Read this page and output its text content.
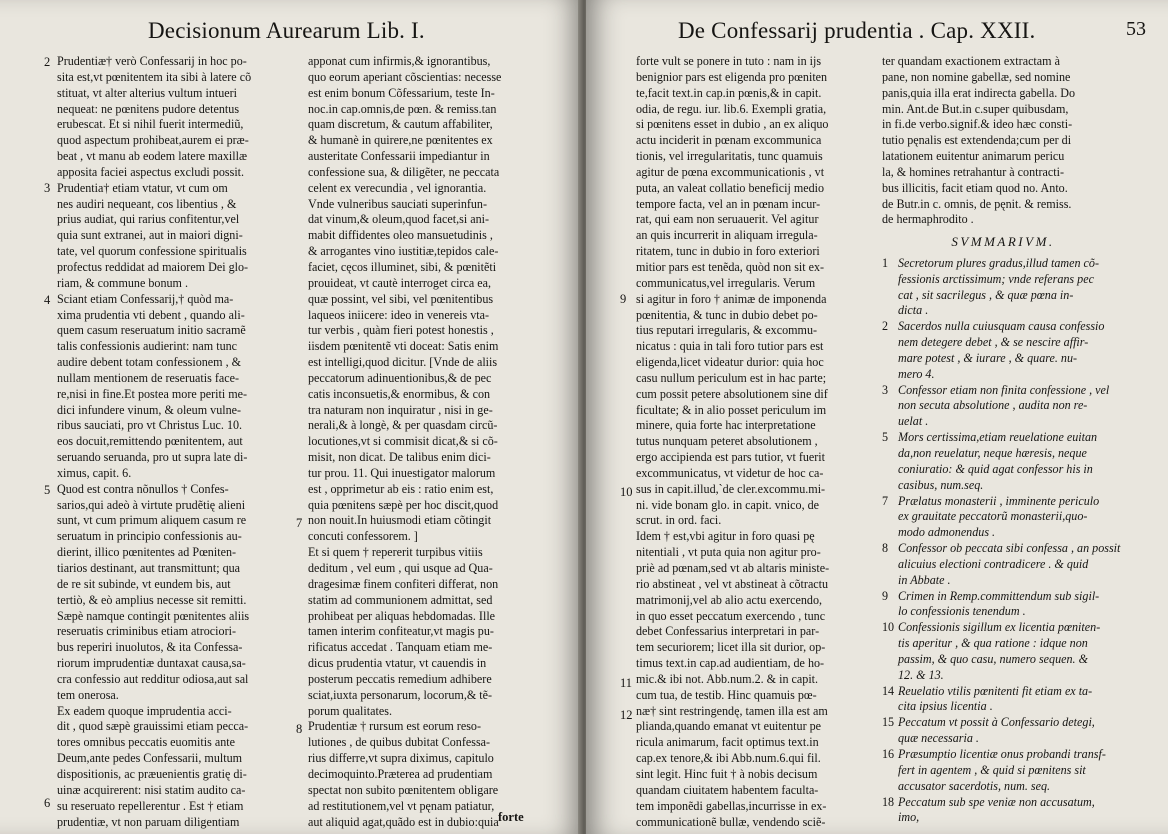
Decisionum Aurearum Lib. I.
2
3
4
5
6
Prudentiæ† verò Confessarij in hoc po-
sita est,vt pœnitentem ita sibi à latere cõ
stituat, vt alter alterius vultum intueri
nequeat: ne pœnitens pudore detentus
erubescat. Et si nihil fuerit intermediũ,
quod aspectum prohibeat,aurem ei præ-
beat , vt manu ab eodem latere maxillæ
apposita faciei aspectus excludi possit.
Prudentia† etiam vtatur, vt cum om
nes audiri nequeant, cos libentius , &
prius audiat, qui rarius confitentur,vel
quia sunt extranei, aut in maiori digni-
tate, vel quorum confessione spiritualis
profectus reddidat ad maiorem Dei glo-
riam, & commune bonum .
Sciant etiam Confessarij,† quòd ma-
xima prudentia vti debent , quando ali-
quem casum reseruatum initio sacramẽ
talis confessionis audierint: nam tunc
audire debent totam confessionem , &
nullam mentionem de reseruatis face-
re,nisi in fine.Et postea more periti me-
dici infundere vinum, & oleum vulne-
ribus sauciati, pro vt Christus Luc. 10.
eos docuit,remittendo pœnitentem, aut
seruando seruanda, pro ut supra late di-
ximus, capit. 6.
Quod est contra nõnullos † Confes-
sarios,qui adeò à virtute prudẽtię alieni
sunt, vt cum primum aliquem casum re
seruatum in principio confessionis au-
dierint, illico pœnitentes ad Pœniten-
tiarios destinant, aut transmittunt; qua
de re sit subinde, vt eundem bis, aut
tertiò, & eò amplius necesse sit remitti.
Sæpè namque contingit pœnitentes aliis
reseruatis criminibus etiam atrociori-
bus reperiri inuolutos, & ita Confessa-
riorum imprudentiæ duntaxat causa,sa-
cra confessio aut redditur odiosa,aut sal
tem onerosa.
Ex eadem quoque imprudentia acci-
dit , quod sæpè grauissimi etiam pecca-
tores omnibus peccatis euomitis ante
Deum,ante pedes Confessarii, multum
dispositionis, ac præuenientis gratię di-
uinæ acquirerent: nisi statim audito ca-
su reseruato repellerentur . Est † etiam
prudentiæ, vt non paruam diligentiam
7
8
apponat cum infirmis,& ignorantibus,
quo eorum aperiant cõscientias: necesse
est enim bonum Cõfessarium, teste In-
noc.in cap.omnis,de pœn. & remiss.tan
quam discretum, & cautum affabiliter,
& humanè in quirere,ne pœnitentes ex
austeritate Confessarii impediantur in
confessione sua, & diligẽter, ne peccata
celent ex verecundia , vel ignorantia.
Vnde vulneribus sauciati superinfun-
dat vinum,& oleum,quod facet,si ani-
mabit diffidentes oleo mansuetudinis ,
& arrogantes vino iustitiæ,tepidos cale-
faciet, cęcos illuminet, sibi, & pœnitẽti
prouideat, vt cautè interroget circa ea,
quæ possint, vel sibi, vel pœnitentibus
laqueos iniicere: ideo in venereis vta-
tur verbis , quàm fieri potest honestis ,
iisdem pœnitentẽ vti doceat: Satis enim
est intelligi,quod dicitur. [Vnde de aliis
peccatorum adinuentionibus,& de pec
catis inconsuetis,& enormibus, & con
tra naturam non inquiratur , nisi in ge-
nerali,& à longè, & per quasdam circũ-
locutiones,vt si commisit dicat,& si cõ-
misit, non dicat. De talibus enim dici-
tur prou. 11. Qui inuestigator malorum
est , opprimetur ab eis : ratio enim est,
quia pœnitens sæpè per hoc discit,quod
non nouit.In huiusmodi etiam cõtingit
concuti confessorem. ]
Et si quem † repererit turpibus vitiis
deditum , vel eum , qui usque ad Qua-
dragesimæ finem confiteri differat, non
statim ad communionem admittat, sed
prohibeat per aliquas hebdomadas. Ille
tamen interim confiteatur,vt magis pu-
rificatus accedat . Tanquam etiam me-
dicus prudentia vtatur, vt cauendis in
posterum peccatis remedium adhibere
sciat,iuxta personarum, locorum,& tẽ-
porum qualitates.
Prudentiæ † rursum est eorum reso-
lutiones , de quibus dubitat Confessa-
rius differre,vt supra diximus, capitulo
decimoquinto.Præterea ad prudentiam
spectat non subito pœnitentem obligare
ad restitutionem,vel vt pęnam patiatur,
aut aliquid agat,quãdo est in dubio:quia forte
De Confessarij prudentia . Cap. XXII.	53
9
10
11
12
forte vult se ponere in tuto : nam in ijs
benignior pars est eligenda pro pœniten
te,facit text.in cap.in pœnis,& in capit.
odia, de regu. iur. lib.6. Exempli gratia,
si pœnitens esset in dubio , an ex aliquo
actu inciderit in pœnam excommunica
tionis, vel irregularitatis, tunc quamuis
agitur de pœna excommunicationis , vt
puta, an valeat collatio beneficij medio
tempore facta, vel an in pœnam incur-
rat, qui eam non seruauerit. Vel agitur
an quis incurrerit in aliquam irregula-
ritatem, tunc in dubio in foro exteriori
mitior pars est tenẽda, quòd non sit ex-
communicatus,vel irregularis. Verum
si agitur in foro † animæ de imponenda
pœnitentia, & tunc in dubio debet po-
tius reputari irregularis, & excommu-
nicatus : quia in tali foro tutior pars est
eligenda,licet videatur durior: quia hoc
casu nullum periculum est in hac parte;
cum possit petere absolutionem sine dif
ficultate; & in alio posset periculum im
minere, quia forte hac interpretatione
tutus nunquam peteret absolutionem ,
ergo accipienda est pars tutior, vt fuerit
excommunicatus, vt videtur de hoc ca-
sus in capit.illud,`de cler.excommu.mi-
ni. vide bonam glo. in capit. vnico, de
scrut. in ord. faci.
Idem † est,vbi agitur in foro quasi pę
nitentiali , vt puta quia non agitur pro-
priè ad pœnam,sed vt ab altaris ministe-
rio abstineat , vel vt abstineat à cõtractu
matrimonij,vel ab alio actu exercendo,
in quo esset peccatum exercendo , tunc
debet Confessarius interpretari in par-
tem securiorem; licet illa sit durior, op-
timus text.in cap.ad audientiam, de ho-
mic.& ibi not. Abb.num.2. & in capit.
cum tua, de testib. Hinc quamuis pœ-
næ† sint restringendę, tamen illa est am
plianda,quando emanat vt euitentur pe
ricula animarum, facit optimus text.in
cap.ex tenore,& ibi Abb.num.6.qui fil.
sint legit. Hinc fuit † à nobis decisum
quandam ciuitatem habentem faculta-
tem imponẽdi gabellas,incurrisse in ex-
communicationẽ bullæ, vendendo sciẽ-
ter quandam exactionem extractam à
pane, non nomine gabellæ, sed nomine
panis,quia illa erat indirecta gabella. Do
min. Ant.de But.in c.super quibusdam,
in fi.de verbo.signif.& ideo hæc consti-
tutio pęnalis est extendenda;cum per di
latationem euitentur animarum pericu
la, & homines retrahantur à contracti-
bus illicitis, facit etiam quod no. Anto.
de Butr.in c. omnis, de pęnit. & remiss.
de hermaphrodito .
SVMMARIVM.
1 Secretorum plures gradus,illud tamen cõ-
fessionis arctissimum; vnde referans pec
cat , sit sacrilegus , & quæ pœna in-
dicta .
2 Sacerdos nulla cuiusquam causa confessio
nem detegere debet , & se nescire affir-
mare potest , & iurare , & quare. nu-
mero 4.
3 Confessor etiam non finita confessione , vel
non secuta absolutione , audita non re-
uelat .
5 Mors certissima,etiam reuelatione euitan
da,non reuelatur, neque hæresis, neque
coniuratio: & quid agat confessor his in
casibus, num.seq.
7 Prælatus monasterii , imminente periculo
ex grauitate peccatorũ monasterii,quo-
modo admonendus .
8 Confessor ob peccata sibi confessa , an possit
alicuius electioni contradicere . & quid
in Abbate .
9 Crimen in Remp.committendum sub sigil-
lo confessionis tenendum .
10 Confessionis sigillum ex licentia pœniten-
tis aperitur , & qua ratione : idque non
passim, & quo casu, numero sequen. &
12. & 13.
14 Reuelatio vtilis pœnitenti fit etiam ex ta-
cita ipsius licentia .
15 Peccatum vt possit à Confessario detegi,
quæ necessaria .
16 Præsumptio licentiæ onus probandi transf-
fert in agentem , & quid si pœnitens sit
accusator sacerdotis, num. seq.
18 Peccatum sub spe veniæ non accusatum,
imo,
